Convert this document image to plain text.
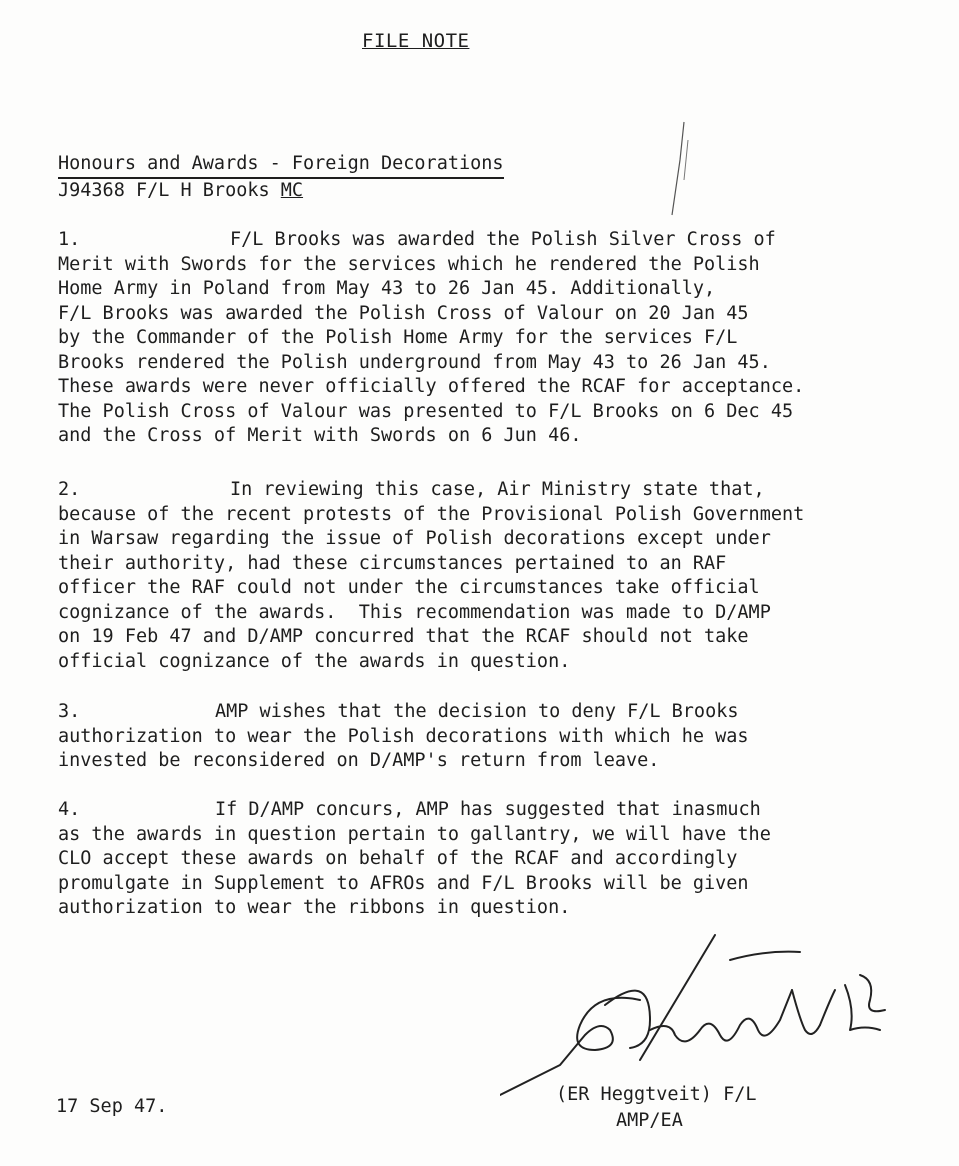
FILE NOTE
Honours and Awards - Foreign Decorations
J94368 F/L H Brooks MC
1.	F/L Brooks was awarded the Polish Silver Cross of
Merit with Swords for the services which he rendered the Polish
Home Army in Poland from May 43 to 26 Jan 45. Additionally,
F/L Brooks was awarded the Polish Cross of Valour on 20 Jan 45
by the Commander of the Polish Home Army for the services F/L
Brooks rendered the Polish underground from May 43 to 26 Jan 45.
These awards were never officially offered the RCAF for acceptance.
The Polish Cross of Valour was presented to F/L Brooks on 6 Dec 45
and the Cross of Merit with Swords on 6 Jun 46.
2.	In reviewing this case, Air Ministry state that,
because of the recent protests of the Provisional Polish Government
in Warsaw regarding the issue of Polish decorations except under
their authority, had these circumstances pertained to an RAF
officer the RAF could not under the circumstances take official
cognizance of the awards.  This recommendation was made to D/AMP
on 19 Feb 47 and D/AMP concurred that the RCAF should not take
official cognizance of the awards in question.
3.	AMP wishes that the decision to deny F/L Brooks
authorization to wear the Polish decorations with which he was
invested be reconsidered on D/AMP's return from leave.
4.	If D/AMP concurs, AMP has suggested that inasmuch
as the awards in question pertain to gallantry, we will have the
CLO accept these awards on behalf of the RCAF and accordingly
promulgate in Supplement to AFROs and F/L Brooks will be given
authorization to wear the ribbons in question.
17 Sep 47.
(ER Heggtveit) F/L
AMP/EA
